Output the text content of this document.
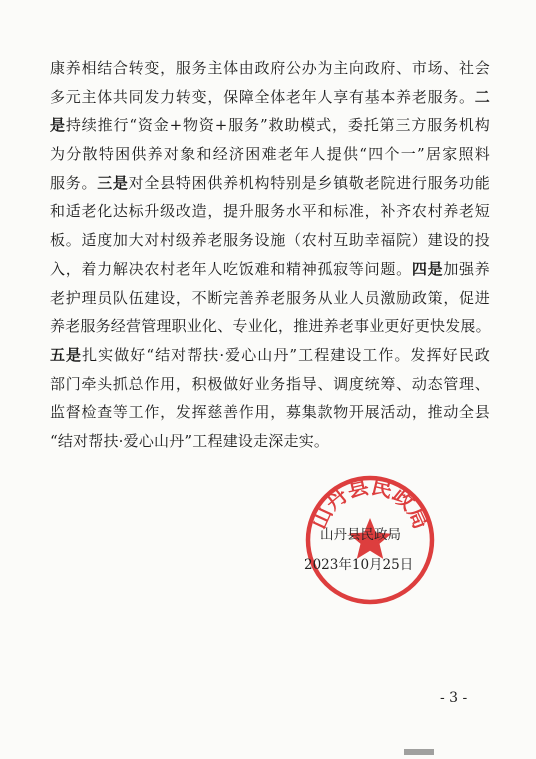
康养相结合转变，服务主体由政府公办为主向政府、市场、社会
多元主体共同发力转变，保障全体老年人享有基本养老服务。二
是持续推行“资金+物资+服务”救助模式，委托第三方服务机构
为分散特困供养对象和经济困难老年人提供“四个一”居家照料
服务。三是对全县特困供养机构特别是乡镇敬老院进行服务功能
和适老化达标升级改造，提升服务水平和标准，补齐农村养老短
板。适度加大对村级养老服务设施（农村互助幸福院）建设的投
入，着力解决农村老年人吃饭难和精神孤寂等问题。四是加强养
老护理员队伍建设，不断完善养老服务从业人员激励政策，促进
养老服务经营管理职业化、专业化，推进养老事业更好更快发展。
五是扎实做好“结对帮扶·爱心山丹”工程建设工作。发挥好民政
部门牵头抓总作用，积极做好业务指导、调度统筹、动态管理、
监督检查等工作，发挥慈善作用，募集款物开展活动，推动全县
“结对帮扶·爱心山丹”工程建设走深走实。
山丹县民政局
山丹县民政局
2023年10月25日
- 3 -
